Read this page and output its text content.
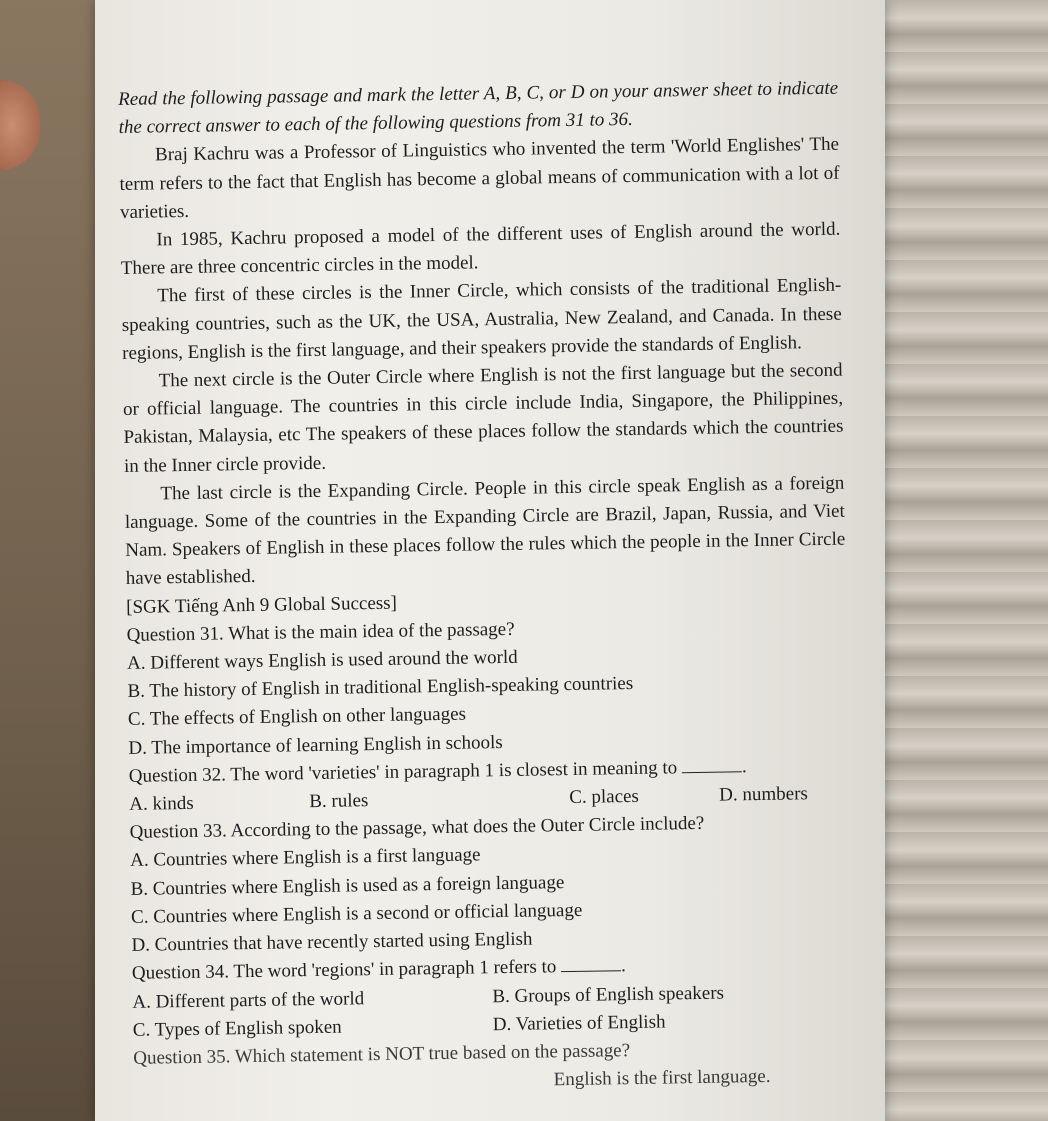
Read the following passage and mark the letter A, B, C, or D on your answer sheet to indicate the correct answer to each of the following questions from 31 to 36.

Braj Kachru was a Professor of Linguistics who invented the term 'World Englishes' The term refers to the fact that English has become a global means of communication with a lot of varieties.

In 1985, Kachru proposed a model of the different uses of English around the world. There are three concentric circles in the model.

The first of these circles is the Inner Circle, which consists of the traditional English-speaking countries, such as the UK, the USA, Australia, New Zealand, and Canada. In these regions, English is the first language, and their speakers provide the standards of English.

The next circle is the Outer Circle where English is not the first language but the second or official language. The countries in this circle include India, Singapore, the Philippines, Pakistan, Malaysia, etc The speakers of these places follow the standards which the countries in the Inner circle provide.

The last circle is the Expanding Circle. People in this circle speak English as a foreign language. Some of the countries in the Expanding Circle are Brazil, Japan, Russia, and Viet Nam. Speakers of English in these places follow the rules which the people in the Inner Circle have established.

[SGK Tiếng Anh 9 Global Success]

Question 31. What is the main idea of the passage?

A. Different ways English is used around the world

B. The history of English in traditional English-speaking countries

C. The effects of English on other languages

D. The importance of learning English in schools

Question 32. The word 'varieties' in paragraph 1 is closest in meaning to	.

A. kinds	B. rules	C. places	D. numbers

Question 33. According to the passage, what does the Outer Circle include?

A. Countries where English is a first language

B. Countries where English is used as a foreign language

C. Countries where English is a second or official language

D. Countries that have recently started using English

Question 34. The word 'regions' in paragraph 1 refers to	.

A. Different parts of the world	B. Groups of English speakers
C. Types of English spoken	D. Varieties of English

Question 35. Which statement is NOT true based on the passage?

English is the first language.
